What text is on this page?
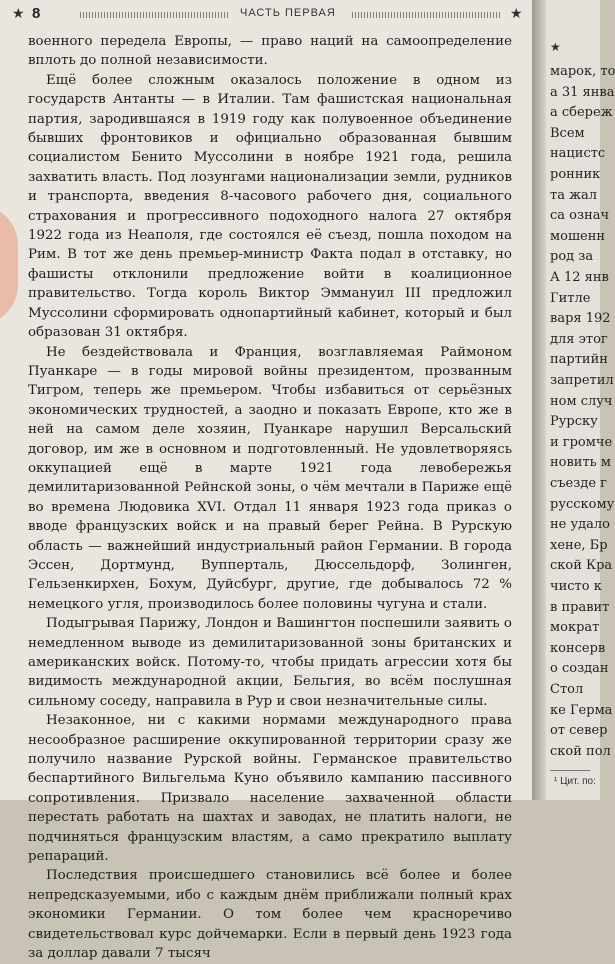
★ 8	ЧАСТЬ ПЕРВАЯ	★

военного передела Европы, — право наций на самоопределение вплоть до полной независимости.

Ещё более сложным оказалось положение в одном из государств Антанты — в Италии. Там фашистская национальная партия, зародившаяся в 1919 году как полувоенное объединение бывших фронтовиков и официально образованная бывшим социалистом Бенито Муссолини в ноябре 1921 года, решила захватить власть. Под лозунгами национализации земли, рудников и транспорта, введения 8-часового рабочего дня, социального страхования и прогрессивного подоходного налога 27 октября 1922 года из Неаполя, где состоялся её съезд, пошла походом на Рим. В тот же день премьер-министр Факта подал в отставку, но фашисты отклонили предложение войти в коалиционное правительство. Тогда король Виктор Эммануил III предложил Муссолини сформировать однопартийный кабинет, который и был образован 31 октября.

Не бездействовала и Франция, возглавляемая Раймоном Пуанкаре — в годы мировой войны президентом, прозванным Тигром, теперь же премьером. Чтобы избавиться от серьёзных экономических трудностей, а заодно и показать Европе, кто же в ней на самом деле хозяин, Пуанкаре нарушил Версальский договор, им же в основном и подготовленный. Не удовлетворяясь оккупацией ещё в марте 1921 года левобережья демилитаризованной Рейнской зоны, о чём мечтали в Париже ещё во времена Людовика XVI. Отдал 11 января 1923 года приказ о вводе французских войск и на правый берег Рейна. В Рурскую область — важнейший индустриальный район Германии. В города Эссен, Дортмунд, Вупперталь, Дюссельдорф, Золинген, Гельзенкирхен, Бохум, Дуйсбург, другие, где добывалось 72 % немецкого угля, производилось более половины чугуна и стали.

Подыгрывая Парижу, Лондон и Вашингтон поспешили заявить о немедленном выводе из демилитаризованной зоны британских и американских войск. Потому-то, чтобы придать агрессии хотя бы видимость международной акции, Бельгия, во всём послушная сильному соседу, направила в Рур и свои незначительные силы.

Незаконное, ни с какими нормами международного права несообразное расширение оккупированной территории сразу же получило название Рурской войны. Германское правительство беспартийного Вильгельма Куно объявило кампанию пассивного сопротивления. Призвало население захваченной области перестать работать на шахтах и заводах, не платить налоги, не подчиняться французским властям, а само прекратило выплату репараций.

Последствия происшедшего становились всё более и более непредсказуемыми, ибо с каждым днём приближали полный крах экономики Германии. О том более чем красноречиво свидетельствовал курс дойчемарки. Если в первый день 1923 года за доллар давали 7 тысяч

★
марок, то
а 31 янва
а сбереж
Всем
нацистс
ронник
та жал
са означ
мошенн
род за
А 12 янв
Гитле
варя 192
для этог
партийн
запретил
ном случ
Рурску
и громче
новить м
съезде г
русскому
не удало
хене, Бр
ской Кра
чисто к
в правит
мократ
консерв
о создан
Стол
ке Герма
от север
ской пол
¹ Цит. по:
